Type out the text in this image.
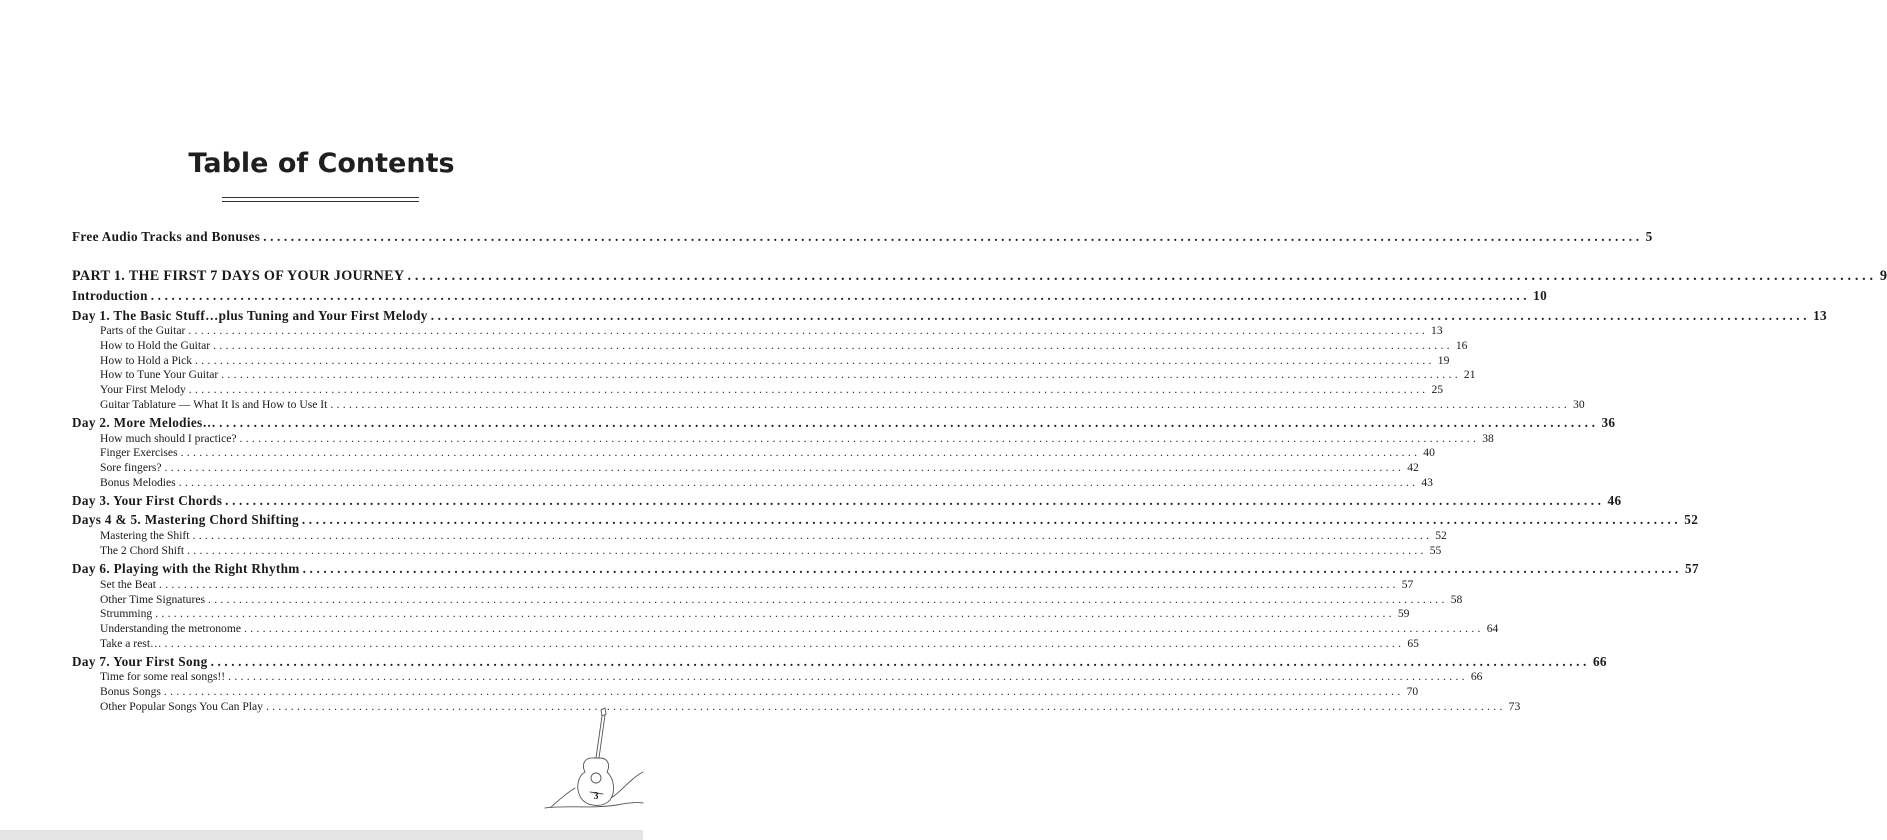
Table of Contents
Free Audio Tracks and Bonuses ........................................................................................................................................................................................................ 5
PART 1. THE FIRST 7 DAYS OF YOUR JOURNEY ........................................................................................................................................................................................................ 9
Introduction ........................................................................................................................................................................................................ 10
Day 1. The Basic Stuff…plus Tuning and Your First Melody ........................................................................................................................................................................................................ 13
Parts of the Guitar ........................................................................................................................................................................................................ 13
How to Hold the Guitar ........................................................................................................................................................................................................ 16
How to Hold a Pick ........................................................................................................................................................................................................ 19
How to Tune Your Guitar ........................................................................................................................................................................................................ 21
Your First Melody ........................................................................................................................................................................................................ 25
Guitar Tablature — What It Is and How to Use It ........................................................................................................................................................................................................ 30
Day 2. More Melodies… ........................................................................................................................................................................................................ 36
How much should I practice? ........................................................................................................................................................................................................ 38
Finger Exercises ........................................................................................................................................................................................................ 40
Sore fingers? ........................................................................................................................................................................................................ 42
Bonus Melodies ........................................................................................................................................................................................................ 43
Day 3. Your First Chords ........................................................................................................................................................................................................ 46
Days 4 & 5. Mastering Chord Shifting ........................................................................................................................................................................................................ 52
Mastering the Shift ........................................................................................................................................................................................................ 52
The 2 Chord Shift ........................................................................................................................................................................................................ 55
Day 6. Playing with the Right Rhythm ........................................................................................................................................................................................................ 57
Set the Beat ........................................................................................................................................................................................................ 57
Other Time Signatures ........................................................................................................................................................................................................ 58
Strumming ........................................................................................................................................................................................................ 59
Understanding the metronome ........................................................................................................................................................................................................ 64
Take a rest… ........................................................................................................................................................................................................ 65
Day 7. Your First Song ........................................................................................................................................................................................................ 66
Time for some real songs!! ........................................................................................................................................................................................................ 66
Bonus Songs ........................................................................................................................................................................................................ 70
Other Popular Songs You Can Play ........................................................................................................................................................................................................ 73
3
